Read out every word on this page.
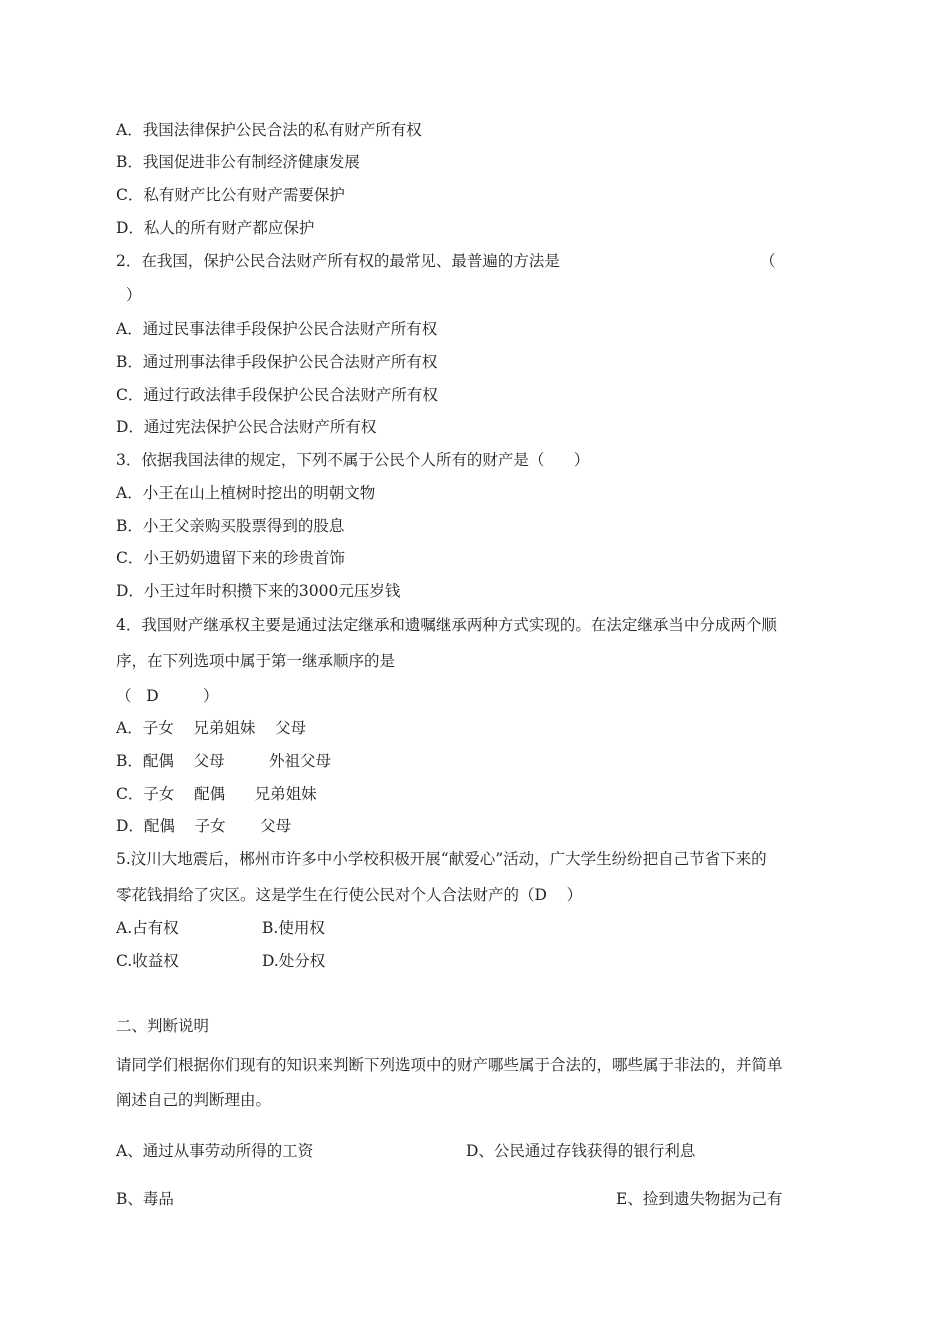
A．我国法律保护公民合法的私有财产所有权
B．我国促进非公有制经济健康发展
C．私有财产比公有财产需要保护
D．私人的所有财产都应保护
2．在我国，保护公民合法财产所有权的最常见、最普遍的方法是	（
）
A．通过民事法律手段保护公民合法财产所有权
B．通过刑事法律手段保护公民合法财产所有权
C．通过行政法律手段保护公民合法财产所有权
D．通过宪法保护公民合法财产所有权
3．依据我国法律的规定，下列不属于公民个人所有的财产是（      ）
A．小王在山上植树时挖出的明朝文物
B．小王父亲购买股票得到的股息
C．小王奶奶遗留下来的珍贵首饰
D．小王过年时积攒下来的3000元压岁钱
4．我国财产继承权主要是通过法定继承和遗嘱继承两种方式实现的。在法定继承当中分成两个顺
序，在下列选项中属于第一继承顺序的是
（   D         ）
A．子女    兄弟姐妹    父母
B．配偶    父母         外祖父母
C．子女    配偶      兄弟姐妹
D．配偶    子女       父母
5.汶川大地震后，郴州市许多中小学校积极开展“献爱心”活动，广大学生纷纷把自己节省下来的
零花钱捐给了灾区。这是学生在行使公民对个人合法财产的（D    ）
A.占有权	B.使用权
C.收益权	D.处分权
二、判断说明
请同学们根据你们现有的知识来判断下列选项中的财产哪些属于合法的，哪些属于非法的，并简单
阐述自己的判断理由。
A、通过从事劳动所得的工资	D、公民通过存钱获得的银行利息
B、毒品	E、捡到遗失物据为己有
